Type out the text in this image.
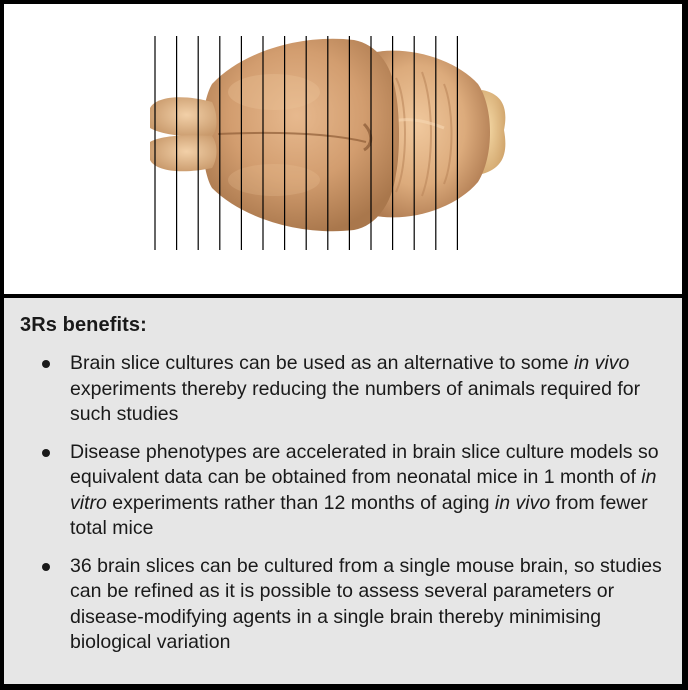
3Rs benefits:
Brain slice cultures can be used as an alternative to some in vivo experiments thereby reducing the numbers of animals required for such studies
Disease phenotypes are accelerated in brain slice culture models so equivalent data can be obtained from neonatal mice in 1 month of in vitro experiments rather than 12 months of aging in vivo from fewer total mice
36 brain slices can be cultured from a single mouse brain, so studies can be refined as it is possible to assess several parameters or disease-modifying agents in a single brain thereby minimising biological variation
